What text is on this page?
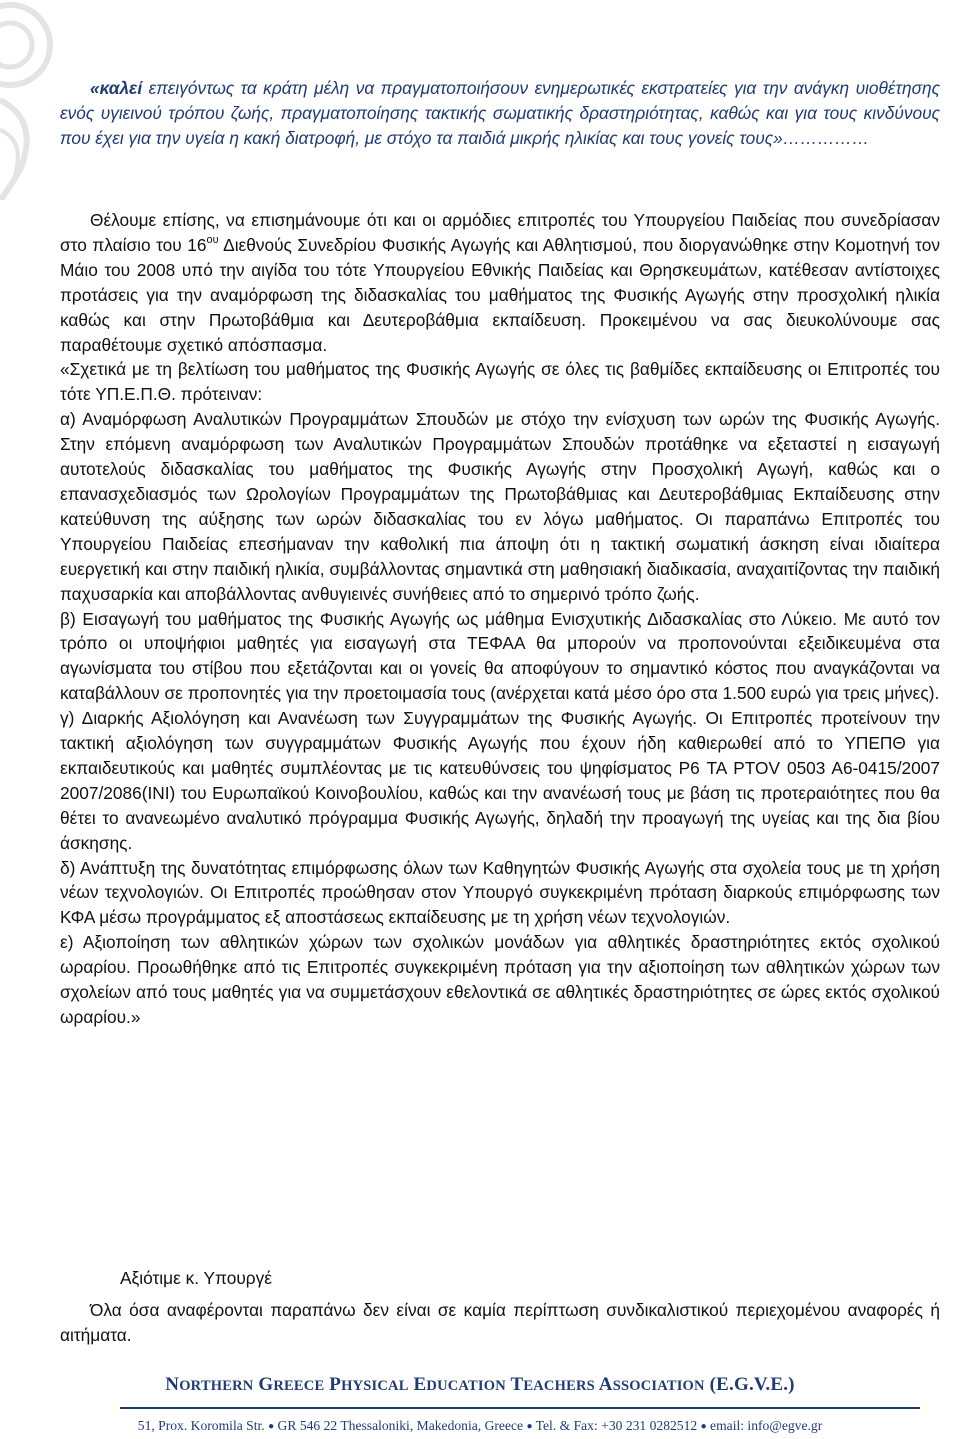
«καλεί επειγόντως τα κράτη μέλη να πραγματοποιήσουν ενημερωτικές εκστρατείες για την ανάγκη υιοθέτησης ενός υγιεινού τρόπου ζωής, πραγματοποίησης τακτικής σωματικής δραστηριότητας, καθώς και για τους κινδύνους που έχει για την υγεία η κακή διατροφή, με στόχο τα παιδιά μικρής ηλικίας και τους γονείς τους»……………

Θέλουμε επίσης, να επισημάνουμε ότι και οι αρμόδιες επιτροπές του Υπουργείου Παιδείας που συνεδρίασαν στο πλαίσιο του $16^{o\upsilon}$ Διεθνούς Συνεδρίου Φυσικής Αγωγής και Αθλητισμού, που διοργανώθηκε στην Κομοτηνή τον Μάιο του 2008 υπό την αιγίδα του τότε Υπουργείου Εθνικής Παιδείας και Θρησκευμάτων, κατέθεσαν αντίστοιχες προτάσεις για την αναμόρφωση της διδασκαλίας του μαθήματος της Φυσικής Αγωγής στην προσχολική ηλικία καθώς και στην Πρωτοβάθμια και Δευτεροβάθμια εκπαίδευση. Προκειμένου να σας διευκολύνουμε σας παραθέτουμε σχετικό απόσπασμα.

«Σχετικά με τη βελτίωση του μαθήματος της Φυσικής Αγωγής σε όλες τις βαθμίδες εκπαίδευσης οι Επιτροπές του τότε ΥΠ.Ε.Π.Θ. πρότειναν:

α) Αναμόρφωση Αναλυτικών Προγραμμάτων Σπουδών με στόχο την ενίσχυση των ωρών της Φυσικής Αγωγής. Στην επόμενη αναμόρφωση των Αναλυτικών Προγραμμάτων Σπουδών προτάθηκε να εξεταστεί η εισαγωγή αυτοτελούς διδασκαλίας του μαθήματος της Φυσικής Αγωγής στην Προσχολική Αγωγή, καθώς και ο επανασχεδιασμός των Ωρολογίων Προγραμμάτων της Πρωτοβάθμιας και Δευτεροβάθμιας Εκπαίδευσης στην κατεύθυνση της αύξησης των ωρών διδασκαλίας του εν λόγω μαθήματος. Οι παραπάνω Επιτροπές του Υπουργείου Παιδείας επεσήμαναν την καθολική πια άποψη ότι η τακτική σωματική άσκηση είναι ιδιαίτερα ευεργετική και στην παιδική ηλικία, συμβάλλοντας σημαντικά στη μαθησιακή διαδικασία, αναχαιτίζοντας την παιδική παχυσαρκία και αποβάλλοντας ανθυγιεινές συνήθειες από το σημερινό τρόπο ζωής.

β) Εισαγωγή του μαθήματος της Φυσικής Αγωγής ως μάθημα Ενισχυτικής Διδασκαλίας στο Λύκειο. Με αυτό τον τρόπο οι υποψήφιοι μαθητές για εισαγωγή στα ΤΕΦΑΑ θα μπορούν να προπονούνται εξειδικευμένα στα αγωνίσματα του στίβου που εξετάζονται και οι γονείς θα αποφύγουν το σημαντικό κόστος που αναγκάζονται να καταβάλλουν σε προπονητές για την προετοιμασία τους (ανέρχεται κατά μέσο όρο στα 1.500 ευρώ για τρεις μήνες).

γ) Διαρκής Αξιολόγηση και Ανανέωση των Συγγραμμάτων της Φυσικής Αγωγής. Οι Επιτροπές προτείνουν την τακτική αξιολόγηση των συγγραμμάτων Φυσικής Αγωγής που έχουν ήδη καθιερωθεί από το ΥΠΕΠΘ για εκπαιδευτικούς και μαθητές συμπλέοντας με τις κατευθύνσεις του ψηφίσματος P6 TA PTOV 0503 A6-0415/2007 2007/2086(INI) του Ευρωπαϊκού Κοινοβουλίου, καθώς και την ανανέωσή τους με βάση τις προτεραιότητες που θα θέτει το ανανεωμένο αναλυτικό πρόγραμμα Φυσικής Αγωγής, δηλαδή την προαγωγή της υγείας και της δια βίου άσκησης.

δ) Ανάπτυξη της δυνατότητας επιμόρφωσης όλων των Καθηγητών Φυσικής Αγωγής στα σχολεία τους με τη χρήση νέων τεχνολογιών. Οι Επιτροπές προώθησαν στον Υπουργό συγκεκριμένη πρόταση διαρκούς επιμόρφωσης των ΚΦΑ μέσω προγράμματος εξ αποστάσεως εκπαίδευσης με τη χρήση νέων τεχνολογιών.

ε) Αξιοποίηση των αθλητικών χώρων των σχολικών μονάδων για αθλητικές δραστηριότητες εκτός σχολικού ωραρίου. Προωθήθηκε από τις Επιτροπές συγκεκριμένη πρόταση για την αξιοποίηση των αθλητικών χώρων των σχολείων από τους μαθητές για να συμμετάσχουν εθελοντικά σε αθλητικές δραστηριότητες σε ώρες εκτός σχολικού ωραρίου.»

Αξιότιμε κ. Υπουργέ

Όλα όσα αναφέρονται παραπάνω δεν είναι σε καμία περίπτωση συνδικαλιστικού περιεχομένου αναφορές ή αιτήματα.

NORTHERN GREECE PHYSICAL EDUCATION TEACHERS ASSOCIATION (E.G.V.E.)
51, Prox. Koromila Str. ● GR 546 22 Thessaloniki, Makedonia, Greece ● Tel. & Fax: +30 231 0282512 ● email: info@egve.gr
